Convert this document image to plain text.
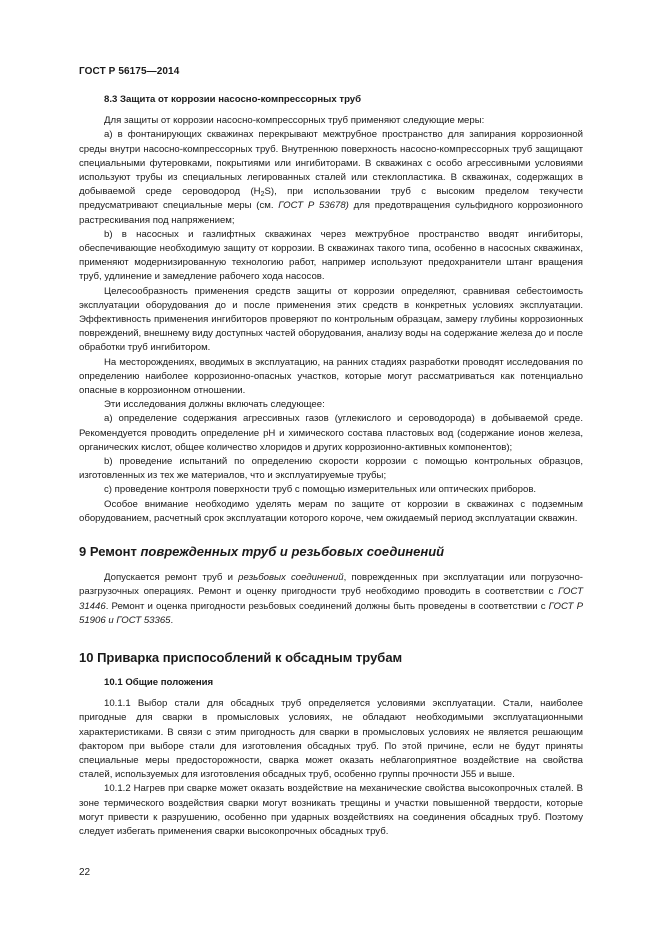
ГОСТ Р 56175—2014

8.3 Защита от коррозии насосно-компрессорных труб

Для защиты от коррозии насосно-компрессорных труб применяют следующие меры:

а) в фонтанирующих скважинах перекрывают межтрубное пространство для запирания коррозионной среды внутри насосно-компрессорных труб. Внутреннюю поверхность насосно-компрессорных труб защищают специальными футеровками, покрытиями или ингибиторами. В скважинах с особо агрессивными условиями используют трубы из специальных легированных сталей или стеклопластика. В скважинах, содержащих в добываемой среде сероводород $(H_2S)$, при использовании труб с высоким пределом текучести предусматривают специальные меры (см. ГОСТ Р 53678) для предотвращения сульфидного коррозионного растрескивания под напряжением;

b) в насосных и газлифтных скважинах через межтрубное пространство вводят ингибиторы, обеспечивающие необходимую защиту от коррозии. В скважинах такого типа, особенно в насосных скважинах, применяют модернизированную технологию работ, например используют предохранители штанг вращения труб, удлинение и замедление рабочего хода насосов.

Целесообразность применения средств защиты от коррозии определяют, сравнивая себестоимость эксплуатации оборудования до и после применения этих средств в конкретных условиях эксплуатации. Эффективность применения ингибиторов проверяют по контрольным образцам, замеру глубины коррозионных повреждений, внешнему виду доступных частей оборудования, анализу воды на содержание железа до и после обработки труб ингибитором.

На месторождениях, вводимых в эксплуатацию, на ранних стадиях разработки проводят исследования по определению наиболее коррозионно-опасных участков, которые могут рассматриваться как потенциально опасные в коррозионном отношении.

Эти исследования должны включать следующее:

а) определение содержания агрессивных газов (углекислого и сероводорода) в добываемой среде. Рекомендуется проводить определение pH и химического состава пластовых вод (содержание ионов железа, органических кислот, общее количество хлоридов и других коррозионно-активных компонентов);

b) проведение испытаний по определению скорости коррозии с помощью контрольных образцов, изготовленных из тех же материалов, что и эксплуатируемые трубы;

с) проведение контроля поверхности труб с помощью измерительных или оптических приборов.

Особое внимание необходимо уделять мерам по защите от коррозии в скважинах с подземным оборудованием, расчетный срок эксплуатации которого короче, чем ожидаемый период эксплуатации скважин.

9 Ремонт поврежденных труб и резьбовых соединений

Допускается ремонт труб и резьбовых соединений, поврежденных при эксплуатации или погрузочно-разгрузочных операциях. Ремонт и оценку пригодности труб необходимо проводить в соответствии с ГОСТ 31446. Ремонт и оценка пригодности резьбовых соединений должны быть проведены в соответствии с ГОСТ Р 51906 и ГОСТ 53365.

10 Приварка приспособлений к обсадным трубам

10.1 Общие положения

10.1.1 Выбор стали для обсадных труб определяется условиями эксплуатации. Стали, наиболее пригодные для сварки в промысловых условиях, не обладают необходимыми эксплуатационными характеристиками. В связи с этим пригодность для сварки в промысловых условиях не является решающим фактором при выборе стали для изготовления обсадных труб. По этой причине, если не будут приняты специальные меры предосторожности, сварка может оказать неблагоприятное воздействие на свойства сталей, используемых для изготовления обсадных труб, особенно группы прочности J55 и выше.

10.1.2 Нагрев при сварке может оказать воздействие на механические свойства высокопрочных сталей. В зоне термического воздействия сварки могут возникать трещины и участки повышенной твердости, которые могут привести к разрушению, особенно при ударных воздействиях на соединения обсадных труб. Поэтому следует избегать применения сварки высокопрочных обсадных труб.

22
